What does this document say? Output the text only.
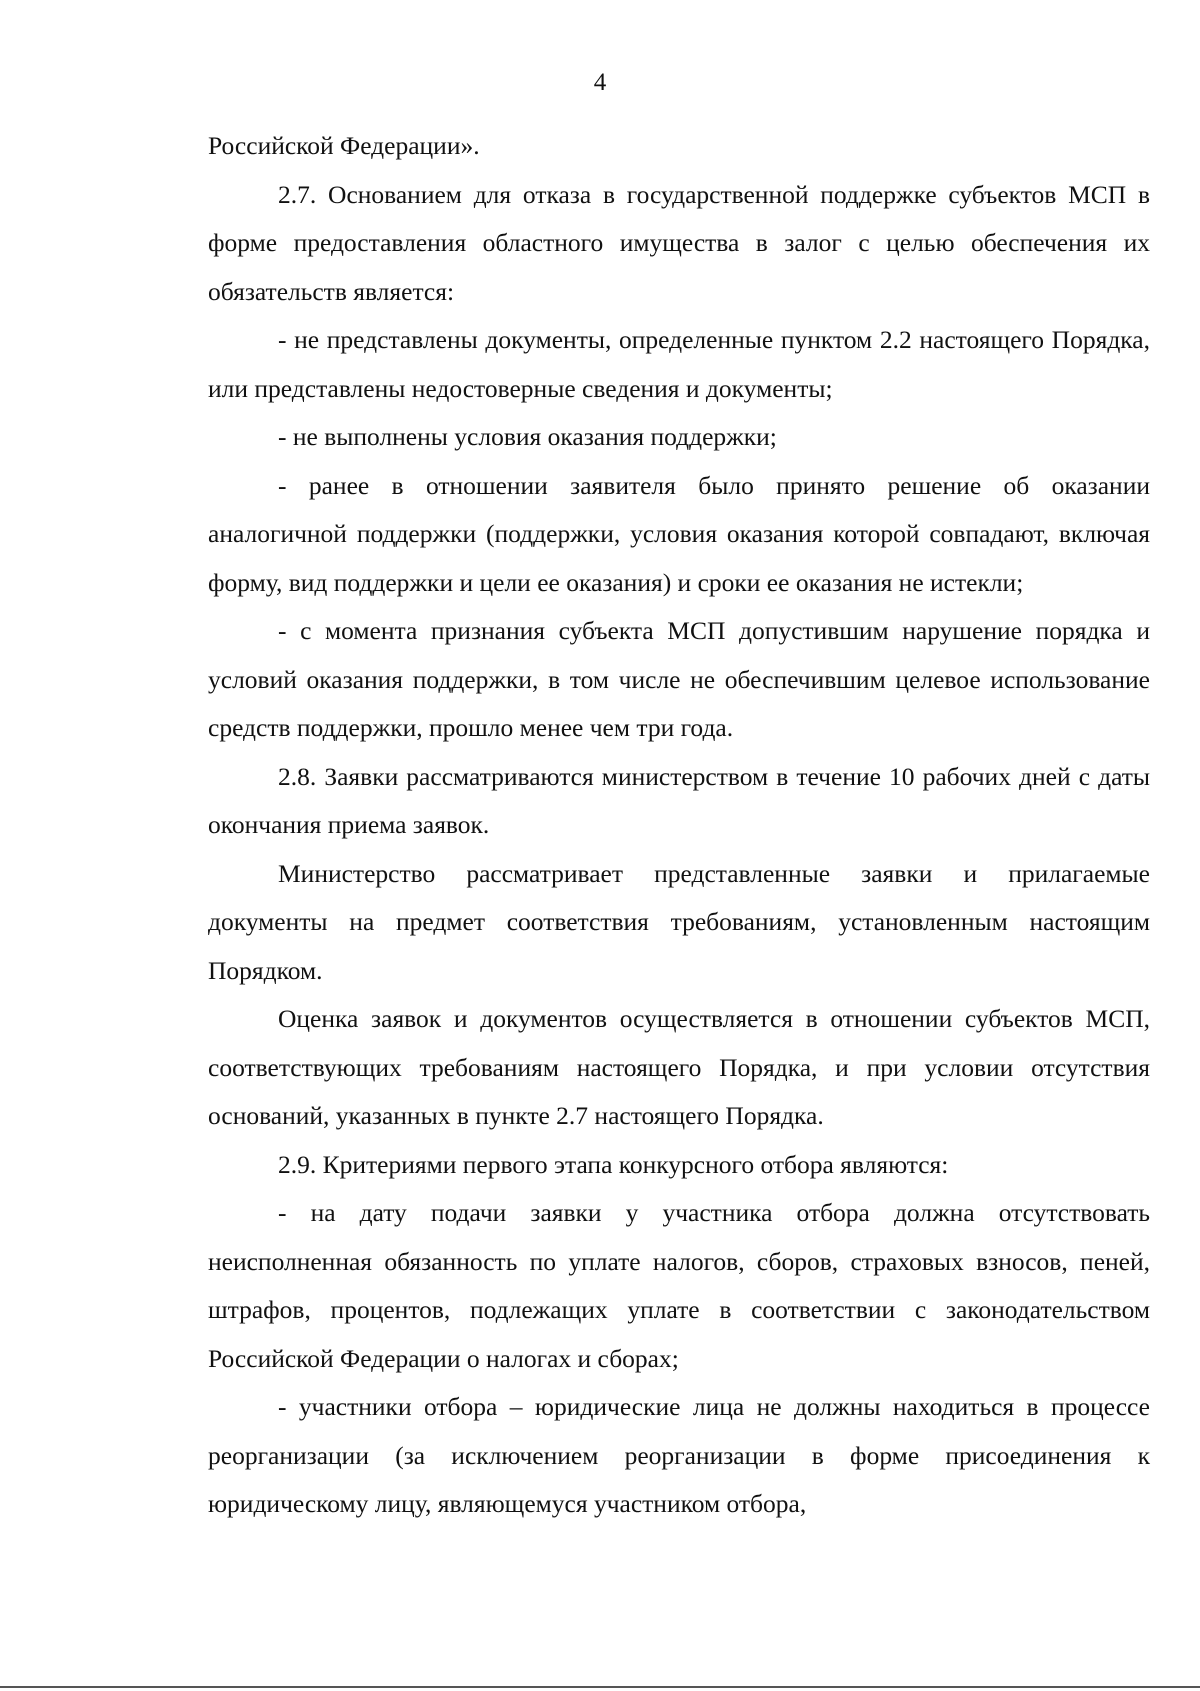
4

Российской Федерации».

2.7. Основанием для отказа в государственной поддержке субъектов МСП в форме предоставления областного имущества в залог с целью обеспечения их обязательств является:

- не представлены документы, определенные пунктом 2.2 настоящего Порядка, или представлены недостоверные сведения и документы;

- не выполнены условия оказания поддержки;

- ранее в отношении заявителя было принято решение об оказании аналогичной поддержки (поддержки, условия оказания которой совпадают, включая форму, вид поддержки и цели ее оказания) и сроки ее оказания не истекли;

- с момента признания субъекта МСП допустившим нарушение порядка и условий оказания поддержки, в том числе не обеспечившим целевое использование средств поддержки, прошло менее чем три года.

2.8. Заявки рассматриваются министерством в течение 10 рабочих дней с даты окончания приема заявок.

Министерство рассматривает представленные заявки и прилагаемые документы на предмет соответствия требованиям, установленным настоящим Порядком.

Оценка заявок и документов осуществляется в отношении субъектов МСП, соответствующих требованиям настоящего Порядка, и при условии отсутствия оснований, указанных в пункте 2.7 настоящего Порядка.

2.9. Критериями первого этапа конкурсного отбора являются:

- на дату подачи заявки у участника отбора должна отсутствовать неисполненная обязанность по уплате налогов, сборов, страховых взносов, пеней, штрафов, процентов, подлежащих уплате в соответствии с законодательством Российской Федерации о налогах и сборах;

- участники отбора – юридические лица не должны находиться в процессе реорганизации (за исключением реорганизации в форме присоединения к юридическому лицу, являющемуся участником отбора,
